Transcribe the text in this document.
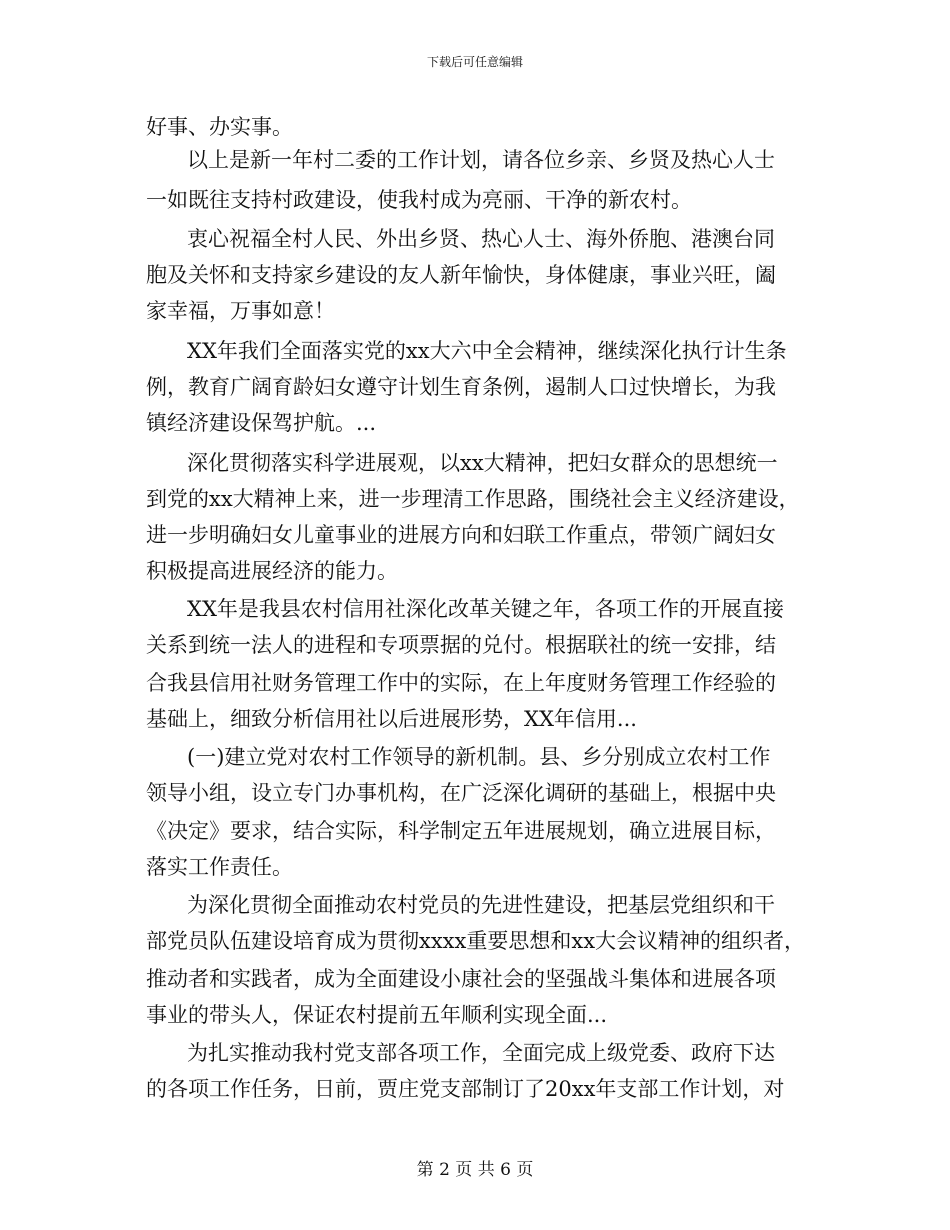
下载后可任意编辑
好事、办实事。
以上是新一年村二委的工作计划，请各位乡亲、乡贤及热心人士
一如既往支持村政建设，使我村成为亮丽、干净的新农村。
衷心祝福全村人民、外出乡贤、热心人士、海外侨胞、港澳台同
胞及关怀和支持家乡建设的友人新年愉快，身体健康，事业兴旺，阖
家幸福，万事如意！
XX年我们全面落实党的xx大六中全会精神，继续深化执行计生条
例，教育广阔育龄妇女遵守计划生育条例，遏制人口过快增长，为我
镇经济建设保驾护航。...
深化贯彻落实科学进展观，以xx大精神，把妇女群众的思想统一
到党的xx大精神上来，进一步理清工作思路，围绕社会主义经济建设，
进一步明确妇女儿童事业的进展方向和妇联工作重点，带领广阔妇女
积极提高进展经济的能力。
XX年是我县农村信用社深化改革关键之年，各项工作的开展直接
关系到统一法人的进程和专项票据的兑付。根据联社的统一安排，结
合我县信用社财务管理工作中的实际，在上年度财务管理工作经验的
基础上，细致分析信用社以后进展形势，XX年信用...
(一)建立党对农村工作领导的新机制。县、乡分别成立农村工作
领导小组，设立专门办事机构，在广泛深化调研的基础上，根据中央
《决定》要求，结合实际，科学制定五年进展规划，确立进展目标，
落实工作责任。
为深化贯彻全面推动农村党员的先进性建设，把基层党组织和干
部党员队伍建设培育成为贯彻xxxx重要思想和xx大会议精神的组织者，
推动者和实践者，成为全面建设小康社会的坚强战斗集体和进展各项
事业的带头人，保证农村提前五年顺利实现全面...
为扎实推动我村党支部各项工作，全面完成上级党委、政府下达
的各项工作任务，日前，贾庄党支部制订了20xx年支部工作计划，对
第 2 页 共 6 页
